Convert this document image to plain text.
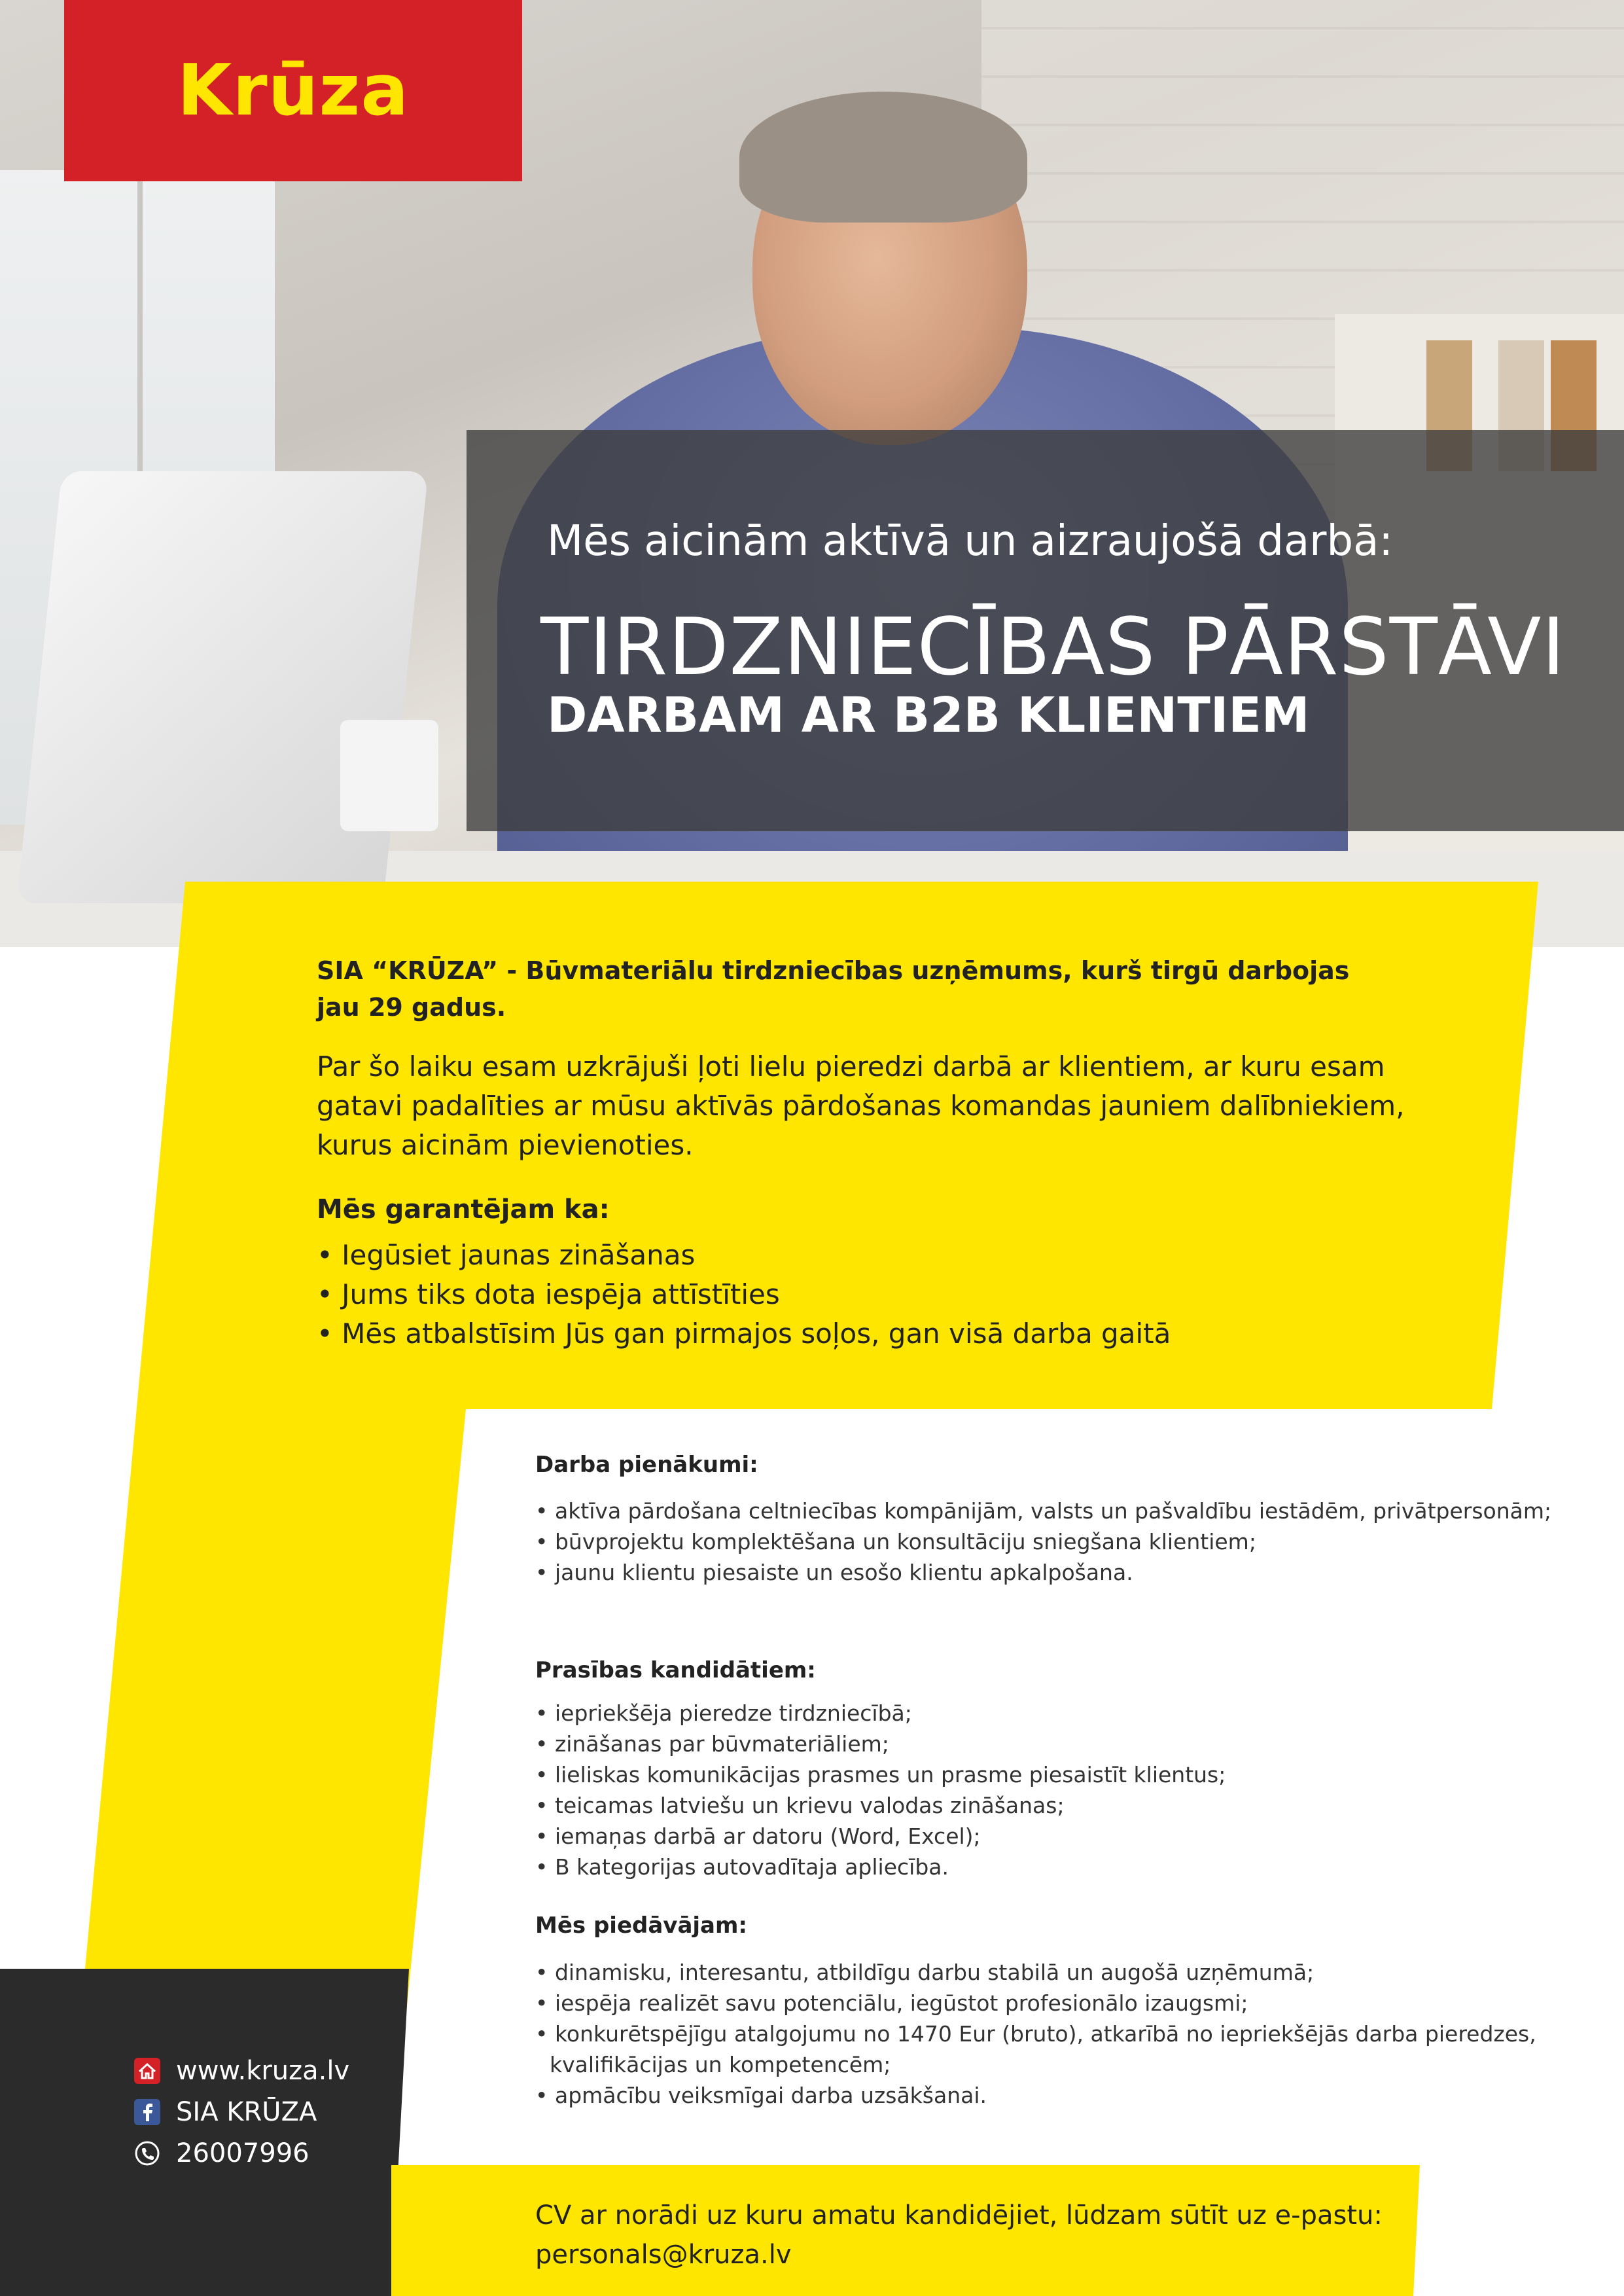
Krūza
Mēs aicinām aktīvā un aizraujošā darbā:
TIRDZNIECĪBAS PĀRSTĀVI
DARBAM AR B2B KLIENTIEM
SIA “KRŪZA” - Būvmateriālu tirdzniecības uzņēmums, kurš tirgū darbojas
jau 29 gadus.
Par šo laiku esam uzkrājuši ļoti lielu pieredzi darbā ar klientiem, ar kuru esam gatavi padalīties ar mūsu aktīvās pārdošanas komandas jauniem dalībniekiem, kurus aicinām pievienoties.
Mēs garantējam ka:
• Iegūsiet jaunas zināšanas
• Jums tiks dota iespēja attīstīties
• Mēs atbalstīsim Jūs gan pirmajos soļos, gan visā darba gaitā
Darba pienākumi:
• aktīva pārdošana celtniecības kompānijām, valsts un pašvaldību iestādēm, privātpersonām;
• būvprojektu komplektēšana un konsultāciju sniegšana klientiem;
• jaunu klientu piesaiste un esošo klientu apkalpošana.
Prasības kandidātiem:
• iepriekšēja pieredze tirdzniecībā;
• zināšanas par būvmateriāliem;
• lieliskas komunikācijas prasmes un prasme piesaistīt klientus;
• teicamas latviešu un krievu valodas zināšanas;
• iemaņas darbā ar datoru (Word, Excel);
• B kategorijas autovadītaja apliecība.
Mēs piedāvājam:
• dinamisku, interesantu, atbildīgu darbu stabilā un augošā uzņēmumā;
• iespēja realizēt savu potenciālu, iegūstot profesionālo izaugsmi;
• konkurētspējīgu atalgojumu no 1470 Eur (bruto), atkarībā no iepriekšējās darba pieredzes, kvalifikācijas un kompetencēm;
• apmācību veiksmīgai darba uzsākšanai.
www.kruza.lv
SIA KRŪZA
26007996
CV ar norādi uz kuru amatu kandidējiet, lūdzam sūtīt uz e-pastu:
personals@kruza.lv
